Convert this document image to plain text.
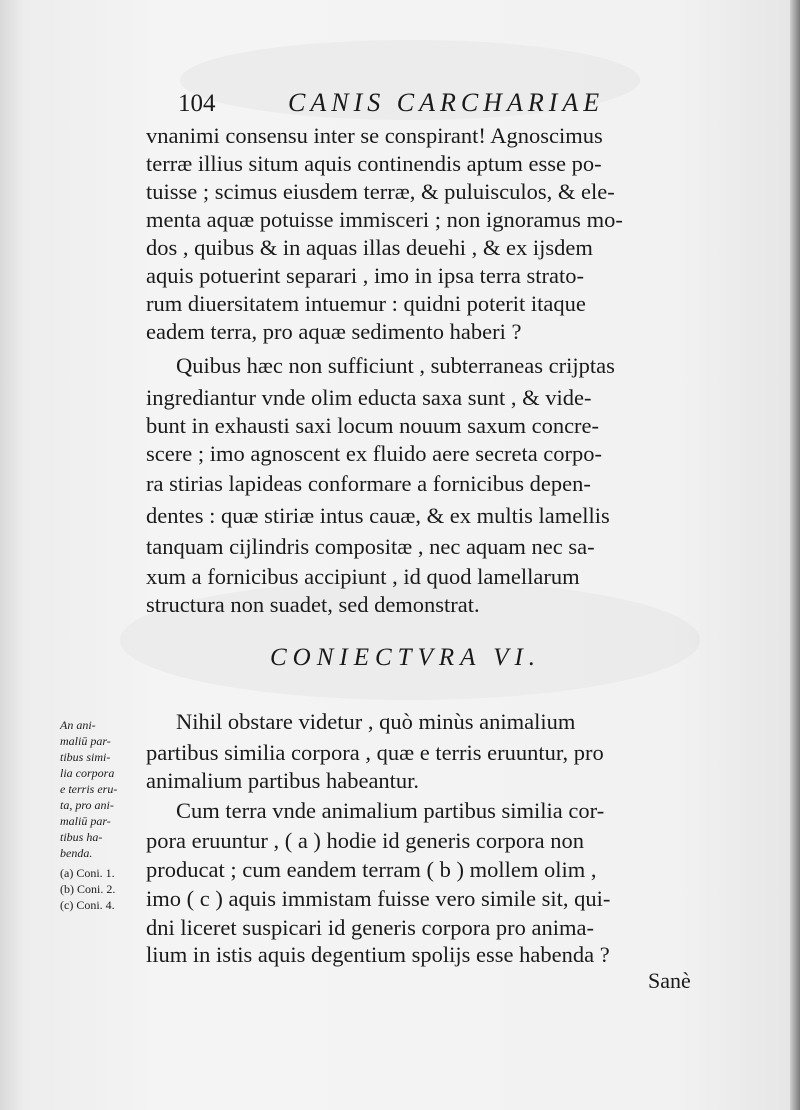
104	CANIS CARCHARIAE
vnanimi consensu inter se conspirant! Agnoscimus
terræ illius situm aquis continendis aptum esse po-
tuisse ; scimus eiusdem terræ, & puluisculos, & ele-
menta aquæ potuisse immisceri ; non ignoramus mo-
dos , quibus & in aquas illas deuehi , & ex ijsdem
aquis potuerint separari , imo in ipsa terra strato-
rum diuersitatem intuemur : quidni poterit itaque
eadem terra, pro aquæ sedimento haberi ?
Quibus hæc non sufficiunt , subterraneas crijptas
ingrediantur vnde olim educta saxa sunt , & vide-
bunt in exhausti saxi locum nouum saxum concre-
scere ; imo agnoscent ex fluido aere secreta corpo-
ra stirias lapideas conformare a fornicibus depen-
dentes : quæ stiriæ intus cauæ, & ex multis lamellis
tanquam cijlindris compositæ , nec aquam nec sa-
xum a fornicibus accipiunt , id quod lamellarum
structura non suadet, sed demonstrat.
CONIECTVRA VI.
Nihil obstare videtur , quò minùs animalium
partibus similia corpora , quæ e terris eruuntur, pro
animalium partibus habeantur.
Cum terra vnde animalium partibus similia cor-
pora eruuntur , ( a ) hodie id generis corpora non
producat ; cum eandem terram ( b ) mollem olim ,
imo ( c ) aquis immistam fuisse vero simile sit, qui-
dni liceret suspicari id generis corpora pro anima-
lium in istis aquis degentium spolijs esse habenda ?
An ani-
maliū par-
tibus simi-
lia corpora
e terris eru-
ta, pro ani-
maliū par-
tibus ha-
benda.
(a) Coni. 1.
(b) Coni. 2.
(c) Coni. 4.
Sanè
